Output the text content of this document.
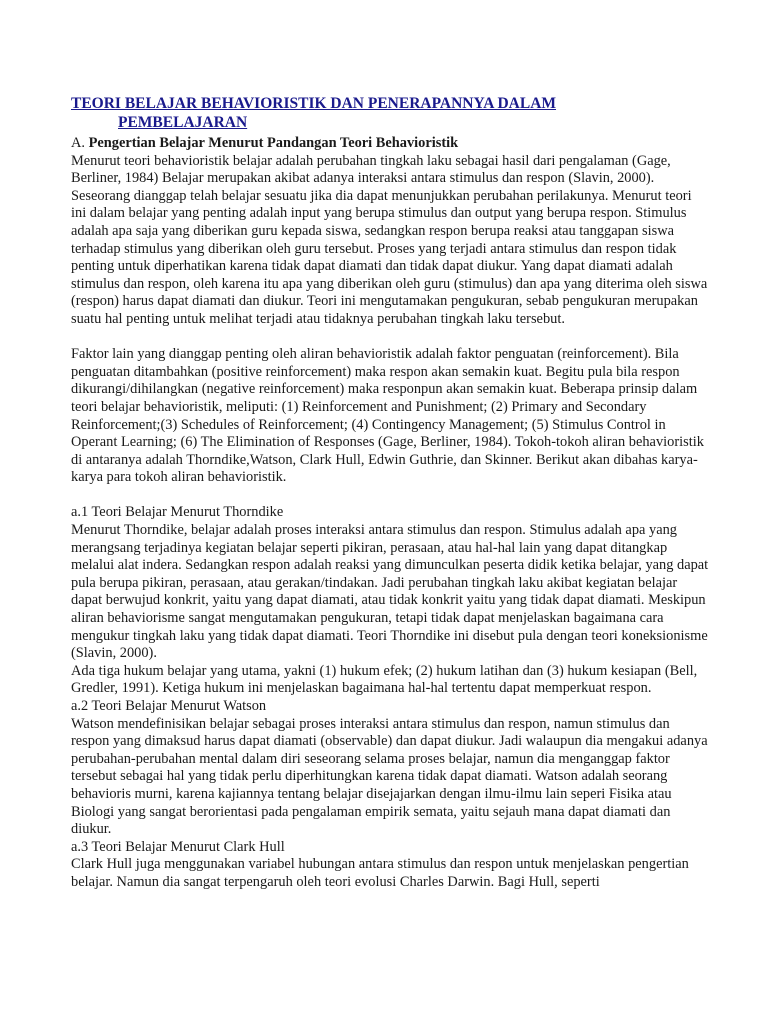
TEORI BELAJAR BEHAVIORISTIK DAN PENERAPANNYA DALAM
PEMBELAJARAN

A. Pengertian Belajar Menurut Pandangan Teori Behavioristik

Menurut teori behavioristik belajar adalah perubahan tingkah laku sebagai hasil dari pengalaman (Gage, Berliner, 1984) Belajar merupakan akibat adanya interaksi antara stimulus dan respon (Slavin, 2000). Seseorang dianggap telah belajar sesuatu jika dia dapat menunjukkan perubahan perilakunya. Menurut teori ini dalam belajar yang penting adalah input yang berupa stimulus dan output yang berupa respon. Stimulus adalah apa saja yang diberikan guru kepada siswa, sedangkan respon berupa reaksi atau tanggapan siswa terhadap stimulus yang diberikan oleh guru tersebut. Proses yang terjadi antara stimulus dan respon tidak penting untuk diperhatikan karena tidak dapat diamati dan tidak dapat diukur. Yang dapat diamati adalah stimulus dan respon, oleh karena itu apa yang diberikan oleh guru (stimulus) dan apa yang diterima oleh siswa (respon) harus dapat diamati dan diukur. Teori ini mengutamakan pengukuran, sebab pengukuran merupakan suatu hal penting untuk melihat terjadi atau tidaknya perubahan tingkah laku tersebut.

Faktor lain yang dianggap penting oleh aliran behavioristik adalah faktor penguatan (reinforcement). Bila penguatan ditambahkan (positive reinforcement) maka respon akan semakin kuat. Begitu pula bila respon dikurangi/dihilangkan (negative reinforcement) maka responpun akan semakin kuat. Beberapa prinsip dalam teori belajar behavioristik, meliputi: (1) Reinforcement and Punishment; (2) Primary and Secondary Reinforcement;(3) Schedules of Reinforcement; (4) Contingency Management; (5) Stimulus Control in Operant Learning; (6) The Elimination of Responses (Gage, Berliner, 1984). Tokoh-tokoh aliran behavioristik di antaranya adalah Thorndike,Watson, Clark Hull, Edwin Guthrie, dan Skinner. Berikut akan dibahas karya-karya para tokoh aliran behavioristik.

a.1 Teori Belajar Menurut Thorndike

Menurut Thorndike, belajar adalah proses interaksi antara stimulus dan respon. Stimulus adalah apa yang merangsang terjadinya kegiatan belajar seperti pikiran, perasaan, atau hal-hal lain yang dapat ditangkap melalui alat indera. Sedangkan respon adalah reaksi yang dimunculkan peserta didik ketika belajar, yang dapat pula berupa pikiran, perasaan, atau gerakan/tindakan. Jadi perubahan tingkah laku akibat kegiatan belajar dapat berwujud konkrit, yaitu yang dapat diamati, atau tidak konkrit yaitu yang tidak dapat diamati. Meskipun aliran behaviorisme sangat mengutamakan pengukuran, tetapi tidak dapat menjelaskan bagaimana cara mengukur tingkah laku yang tidak dapat diamati. Teori Thorndike ini disebut pula dengan teori koneksionisme (Slavin, 2000).

Ada tiga hukum belajar yang utama, yakni (1) hukum efek; (2) hukum latihan dan (3) hukum kesiapan (Bell, Gredler, 1991). Ketiga hukum ini menjelaskan bagaimana hal-hal tertentu dapat memperkuat respon.

a.2 Teori Belajar Menurut Watson

Watson mendefinisikan belajar sebagai proses interaksi antara stimulus dan respon, namun stimulus dan respon yang dimaksud harus dapat diamati (observable) dan dapat diukur. Jadi walaupun dia mengakui adanya perubahan-perubahan mental dalam diri seseorang selama proses belajar, namun dia menganggap faktor tersebut sebagai hal yang tidak perlu diperhitungkan karena tidak dapat diamati. Watson adalah seorang behavioris murni, karena kajiannya tentang belajar disejajarkan dengan ilmu-ilmu lain seperi Fisika atau Biologi yang sangat berorientasi pada pengalaman empirik semata, yaitu sejauh mana dapat diamati dan diukur.

a.3 Teori Belajar Menurut Clark Hull

Clark Hull juga menggunakan variabel hubungan antara stimulus dan respon untuk menjelaskan pengertian belajar. Namun dia sangat terpengaruh oleh teori evolusi Charles Darwin. Bagi Hull, seperti
